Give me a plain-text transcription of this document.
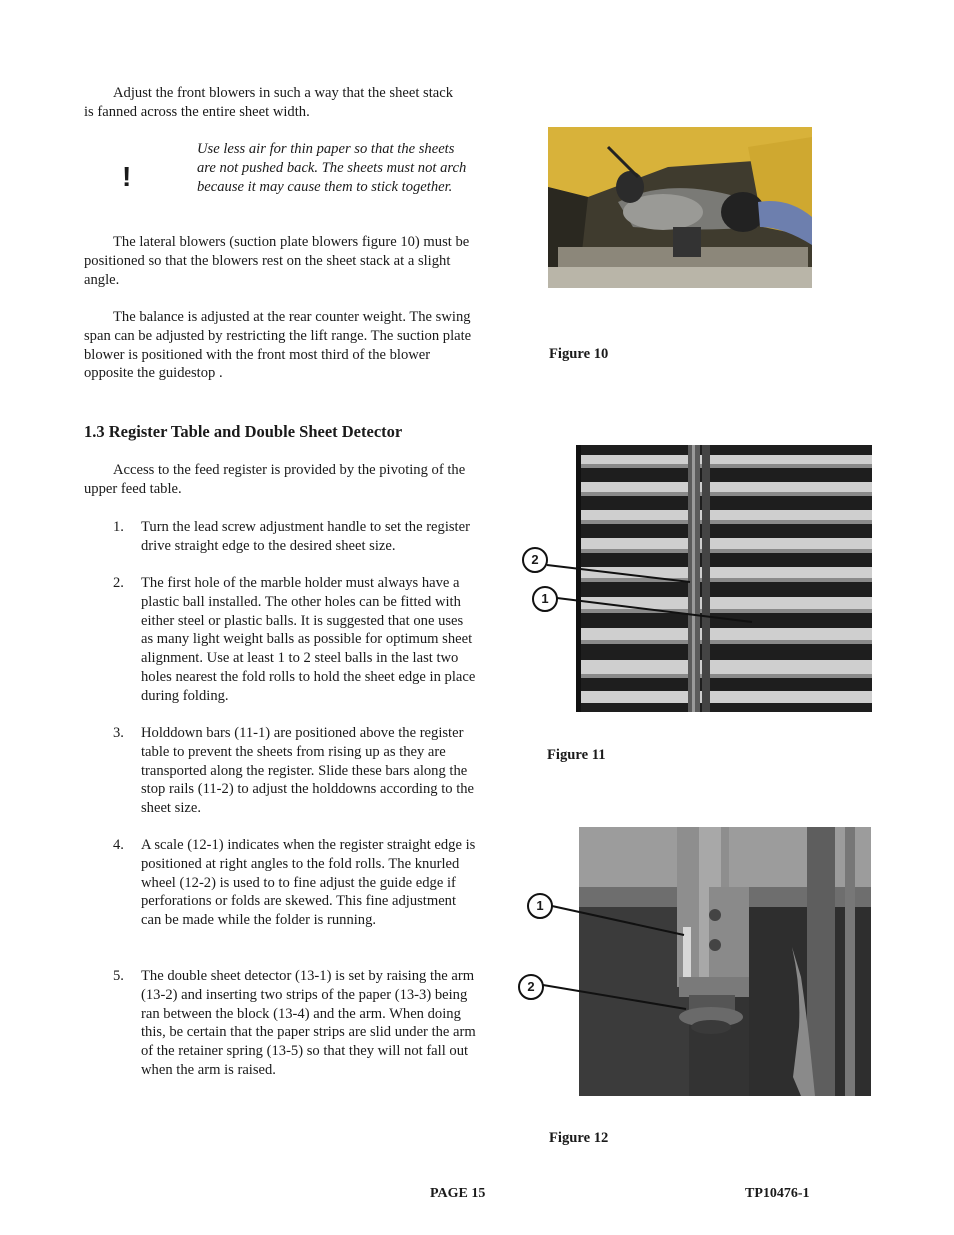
Adjust the front blowers in such a way that the sheet stack is fanned across the entire sheet width.

!

Use less air for thin paper so that the sheets are not pushed back. The sheets must not arch because it may cause them to stick together.

The lateral blowers (suction plate blowers figure 10) must be positioned so that the blowers rest on the sheet stack at a slight angle.

The balance is adjusted at the rear counter weight. The swing span can be adjusted by restricting the lift range. The suction plate blower is positioned with the front most third of the blower opposite the guidestop .

1.3 Register Table and Double Sheet Detector

Access to the feed register is provided by the pivoting of the upper feed table.

1. Turn the lead screw adjustment handle to set the register drive straight edge to the desired sheet size.
2. The first hole of the marble holder must always have a plastic ball installed. The other holes can be fitted with either steel or plastic balls. It is suggested that one uses as many light weight balls as possible for optimum sheet alignment. Use at least 1 to 2 steel balls in the last two holes nearest the fold rolls to hold the sheet edge in place during folding.
3. Holddown bars (11-1) are positioned above the register table to prevent the sheets from rising up as they are transported along the register. Slide these bars along the stop rails (11-2) to adjust the holddowns according to the sheet size.
4. A scale (12-1) indicates when the register straight edge is positioned at right angles to the fold rolls. The knurled wheel (12-2) is used to to fine adjust the guide edge if perforations or folds are skewed. This fine adjustment can be made while the folder is running.
5. The double sheet detector (13-1) is set by raising the arm (13-2) and inserting two strips of the paper (13-3) being ran between the block (13-4) and the arm. When doing this, be certain that the paper strips are slid under the arm of the retainer spring (13-5) so that they will not fall out when the arm is raised.
Figure 10
2
1
Figure 11
1
2
Figure 12
PAGE 15	TP10476-1
